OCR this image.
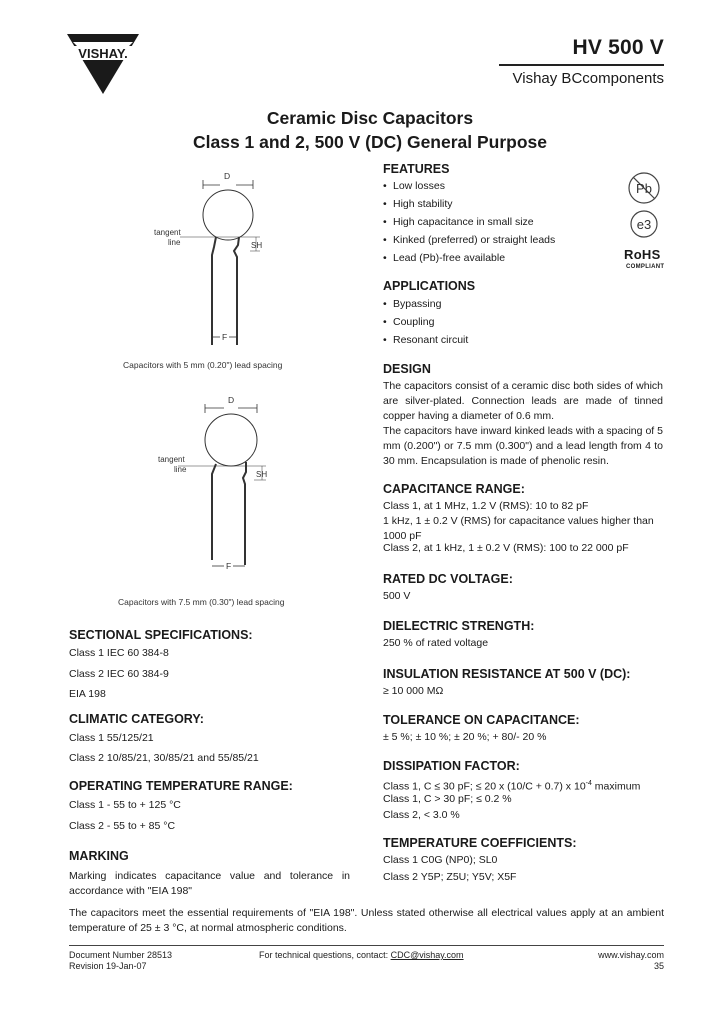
VISHAY.	HV 500 V
Vishay BCcomponents
Ceramic Disc Capacitors
Class 1 and 2, 500 V (DC) General Purpose
D
SH
tangent
line
F
Capacitors with 5 mm (0.20") lead spacing
D
SH
tangent
line
F
Capacitors with 7.5 mm (0.30") lead spacing
Pb
e3
RoHS
COMPLIANT
FEATURES
• Low losses
• High stability
• High capacitance in small size
• Kinked (preferred) or straight leads
• Lead (Pb)-free available
APPLICATIONS
• Bypassing
• Coupling
• Resonant circuit
DESIGN
The capacitors consist of a ceramic disc both sides of which are silver-plated. Connection leads are made of tinned copper having a diameter of 0.6 mm.
The capacitors have inward kinked leads with a spacing of 5 mm (0.200") or 7.5 mm (0.300") and a lead length from 4 to 30 mm. Encapsulation is made of phenolic resin.
CAPACITANCE RANGE:
Class 1, at 1 MHz, 1.2 V (RMS): 10 to 82 pF
1 kHz, 1 ± 0.2 V (RMS) for capacitance values higher than 1000 pF
Class 2, at 1 kHz, 1 ± 0.2 V (RMS): 100 to 22 000 pF
RATED DC VOLTAGE:
500 V
DIELECTRIC STRENGTH:
250 % of rated voltage
INSULATION RESISTANCE AT 500 V (DC):
≥ 10 000 MΩ
TOLERANCE ON CAPACITANCE:
± 5 %; ± 10 %; ± 20 %; + 80/- 20 %
DISSIPATION FACTOR:
Class 1, C ≤ 30 pF; ≤ 20 x (10/C + 0.7) x $10^{-4}$ maximum
Class 1, C > 30 pF; ≤ 0.2 %
Class 2, < 3.0 %
TEMPERATURE COEFFICIENTS:
Class 1 C0G (NP0); SL0
Class 2 Y5P; Z5U; Y5V; X5F
SECTIONAL SPECIFICATIONS:
Class 1 IEC 60 384-8
Class 2 IEC 60 384-9
EIA 198
CLIMATIC CATEGORY:
Class 1 55/125/21
Class 2 10/85/21, 30/85/21 and 55/85/21
OPERATING TEMPERATURE RANGE:
Class 1 - 55 to + 125 °C
Class 2 - 55 to + 85 °C
MARKING
Marking indicates capacitance value and tolerance in accordance with "EIA 198"
The capacitors meet the essential requirements of "EIA 198". Unless stated otherwise all electrical values apply at an ambient temperature of 25 ± 3 °C, at normal atmospheric conditions.
Document Number 28513
Revision 19-Jan-07
For technical questions, contact: CDC@vishay.com	www.vishay.com
35
